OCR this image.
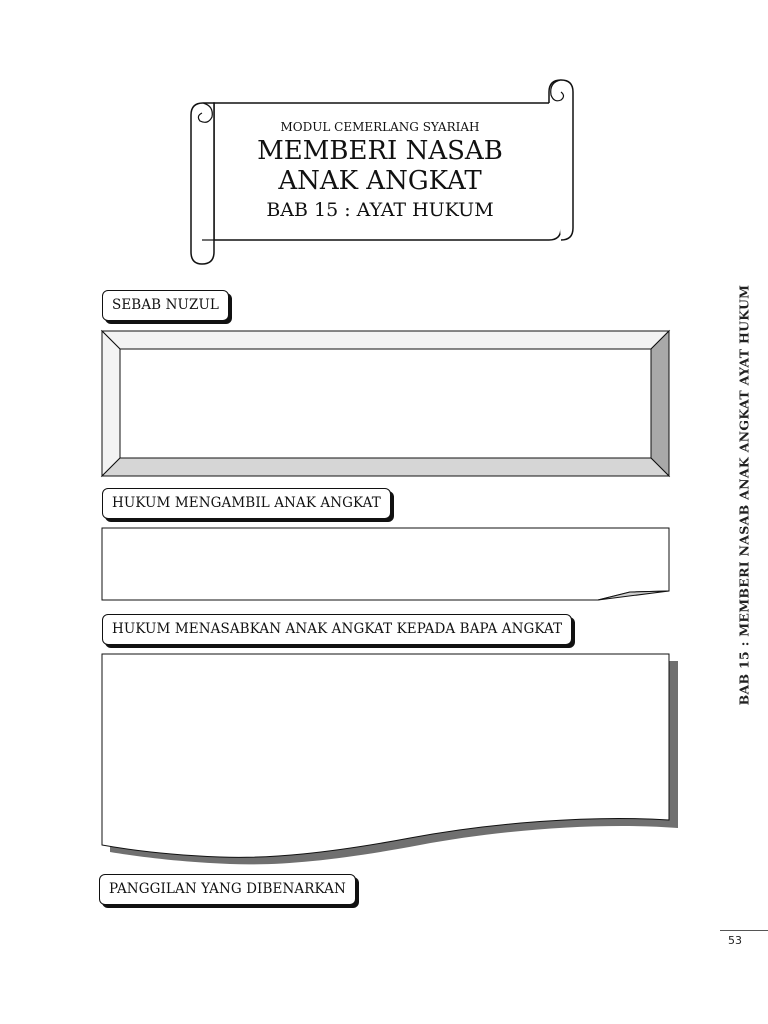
MODUL CEMERLANG SYARIAH
MEMBERI NASAB
ANAK ANGKAT
BAB 15 : AYAT HUKUM
SEBAB NUZUL
HUKUM MENGAMBIL ANAK ANGKAT
HUKUM MENASABKAN ANAK ANGKAT KEPADA BAPA ANGKAT
PANGGILAN YANG DIBENARKAN
BAB 15 : MEMBERI NASAB ANAK ANGKAT AYAT HUKUM
53
